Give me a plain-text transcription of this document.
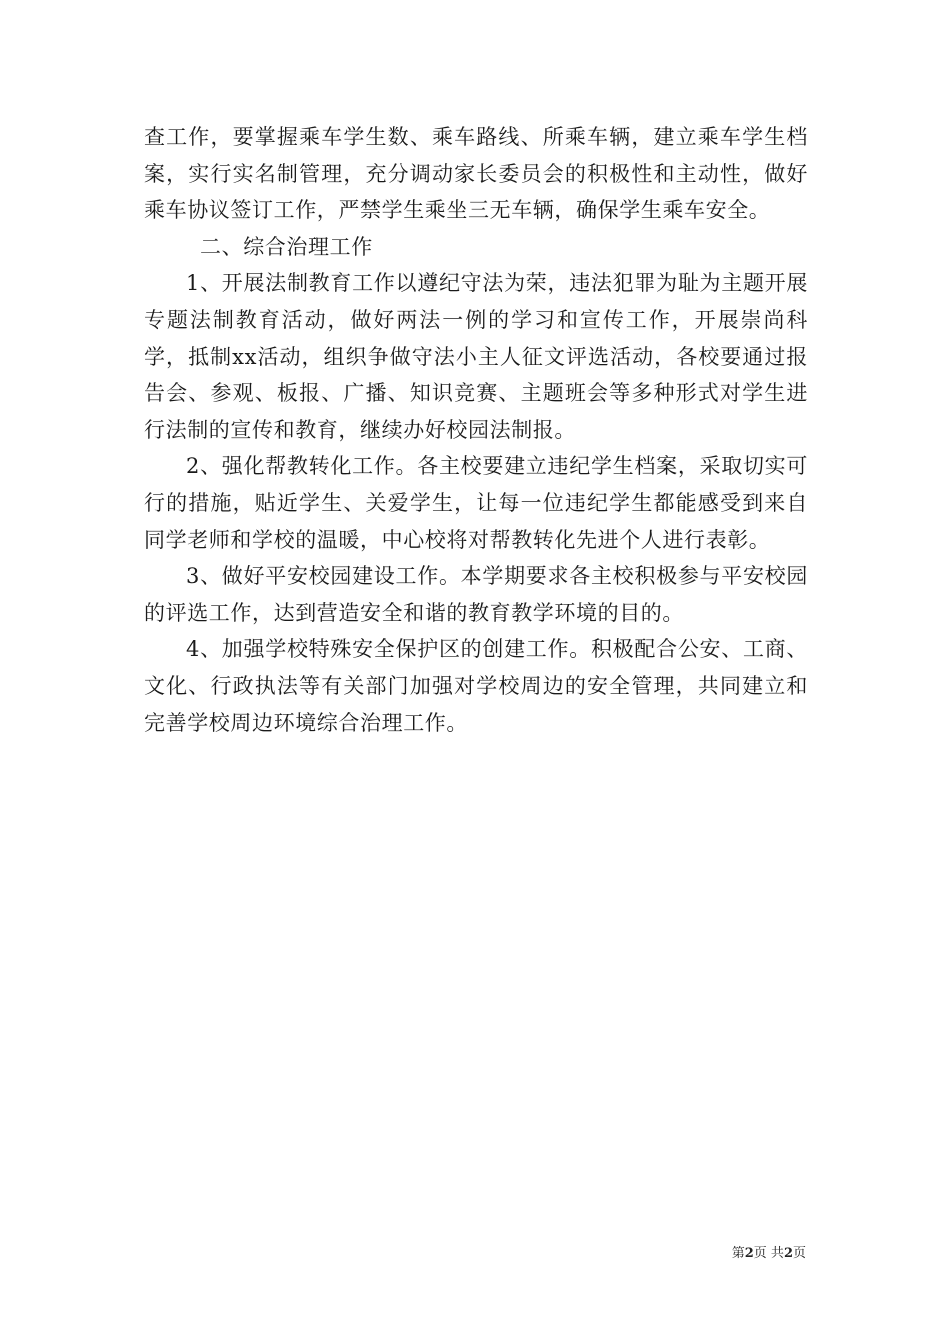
查工作，要掌握乘车学生数、乘车路线、所乘车辆，建立乘车学生档案，实行实名制管理，充分调动家长委员会的积极性和主动性，做好乘车协议签订工作，严禁学生乘坐三无车辆，确保学生乘车安全。

二、综合治理工作

1、开展法制教育工作以遵纪守法为荣，违法犯罪为耻为主题开展专题法制教育活动，做好两法一例的学习和宣传工作，开展崇尚科学，抵制xx活动，组织争做守法小主人征文评选活动，各校要通过报告会、参观、板报、广播、知识竞赛、主题班会等多种形式对学生进行法制的宣传和教育，继续办好校园法制报。

2、强化帮教转化工作。各主校要建立违纪学生档案，采取切实可行的措施，贴近学生、关爱学生，让每一位违纪学生都能感受到来自同学老师和学校的温暖，中心校将对帮教转化先进个人进行表彰。

3、做好平安校园建设工作。本学期要求各主校积极参与平安校园的评选工作，达到营造安全和谐的教育教学环境的目的。

4、加强学校特殊安全保护区的创建工作。积极配合公安、工商、文化、行政执法等有关部门加强对学校周边的安全管理，共同建立和完善学校周边环境综合治理工作。

第2页 共2页
